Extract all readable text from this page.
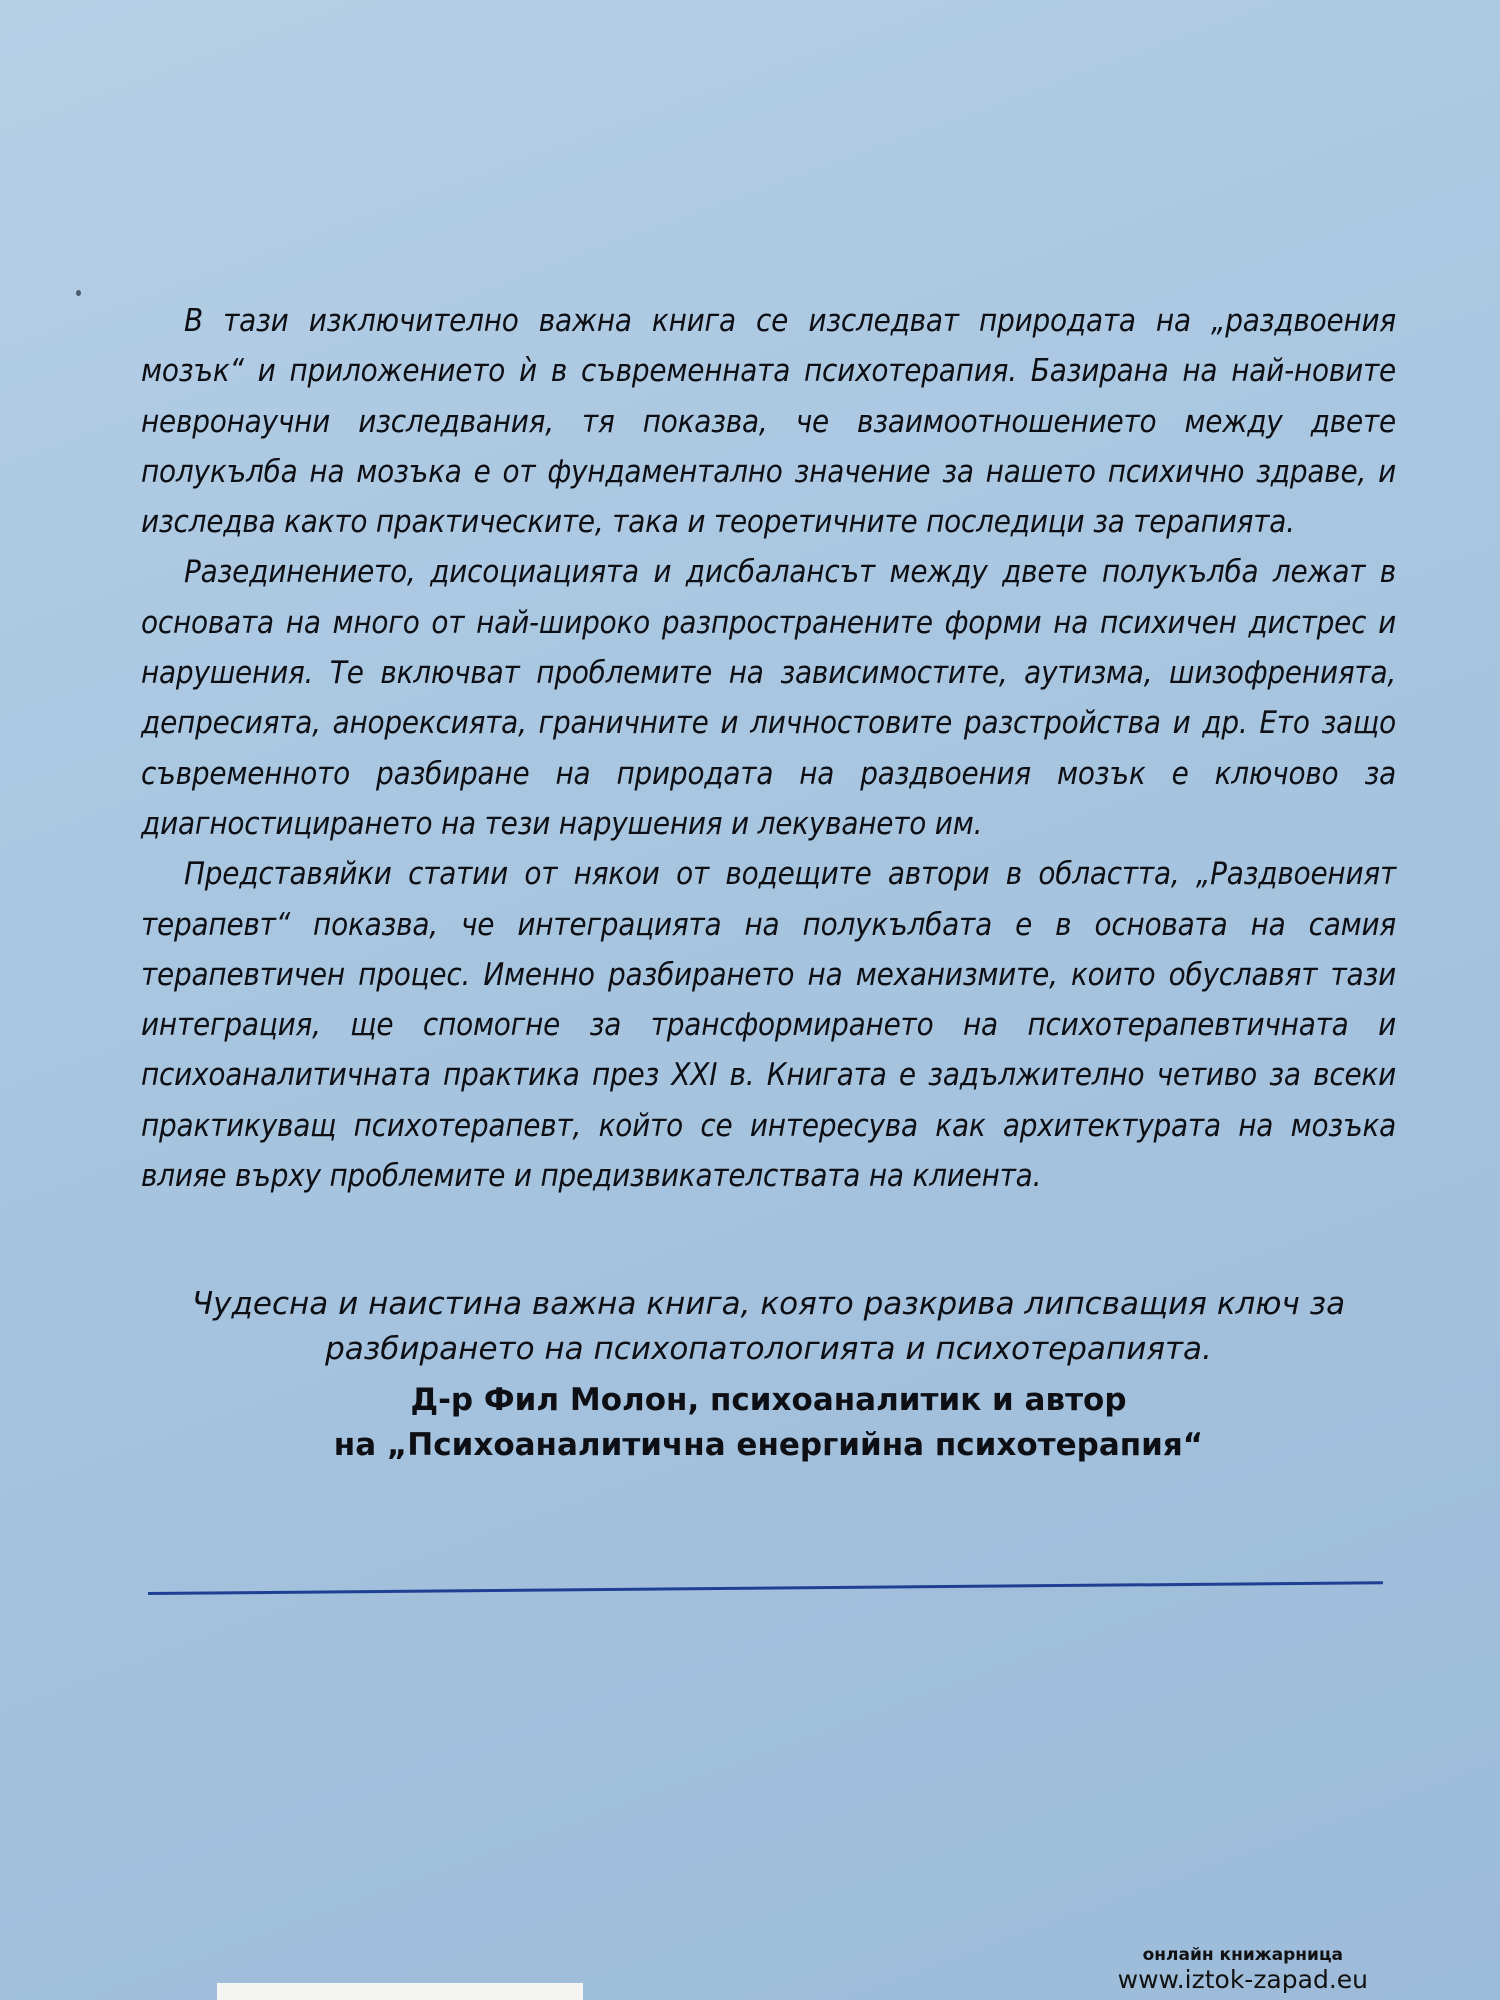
В тази изключително важна книга се изследват природата на „раздвоения мозък“ и приложението ѝ в съвременната психотерапия. Базирана на най-новите невронаучни изследвания, тя показва, че взаимоотношението между двете полукълба на мозъка е от фундаментално значение за нашето психично здраве, и изследва както практическите, така и теоретичните последици за терапията.

Разединението, дисоциацията и дисбалансът между двете полукълба лежат в основата на много от най-широко разпространените форми на психичен дистрес и нарушения. Те включват проблемите на зависимостите, аутизма, шизофренията, депресията, анорексията, граничните и личностовите разстройства и др. Ето защо съвременното разбиране на природата на раздвоения мозък е ключово за диагностицирането на тези нарушения и лекуването им.

Представяйки статии от някои от водещите автори в областта, „Раздвоеният терапевт“ показва, че интеграцията на полукълбата е в основата на самия терапевтичен процес. Именно разбирането на механизмите, които обуславят тази интеграция, ще спомогне за трансформирането на психотерапевтичната и психоаналитичната практика през XXI в. Книгата е задължително четиво за всеки практикуващ психотерапевт, който се интересува как архитектурата на мозъка влияе върху проблемите и предизвикателствата на клиента.

Чудесна и наистина важна книга, която разкрива липсващия ключ за разбирането на психопатологията и психотерапията.

Д-р Фил Молон, психоаналитик и автор
на „Психоаналитична енергийна психотерапия“
онлайн книжарница
www.iztok-zapad.eu
